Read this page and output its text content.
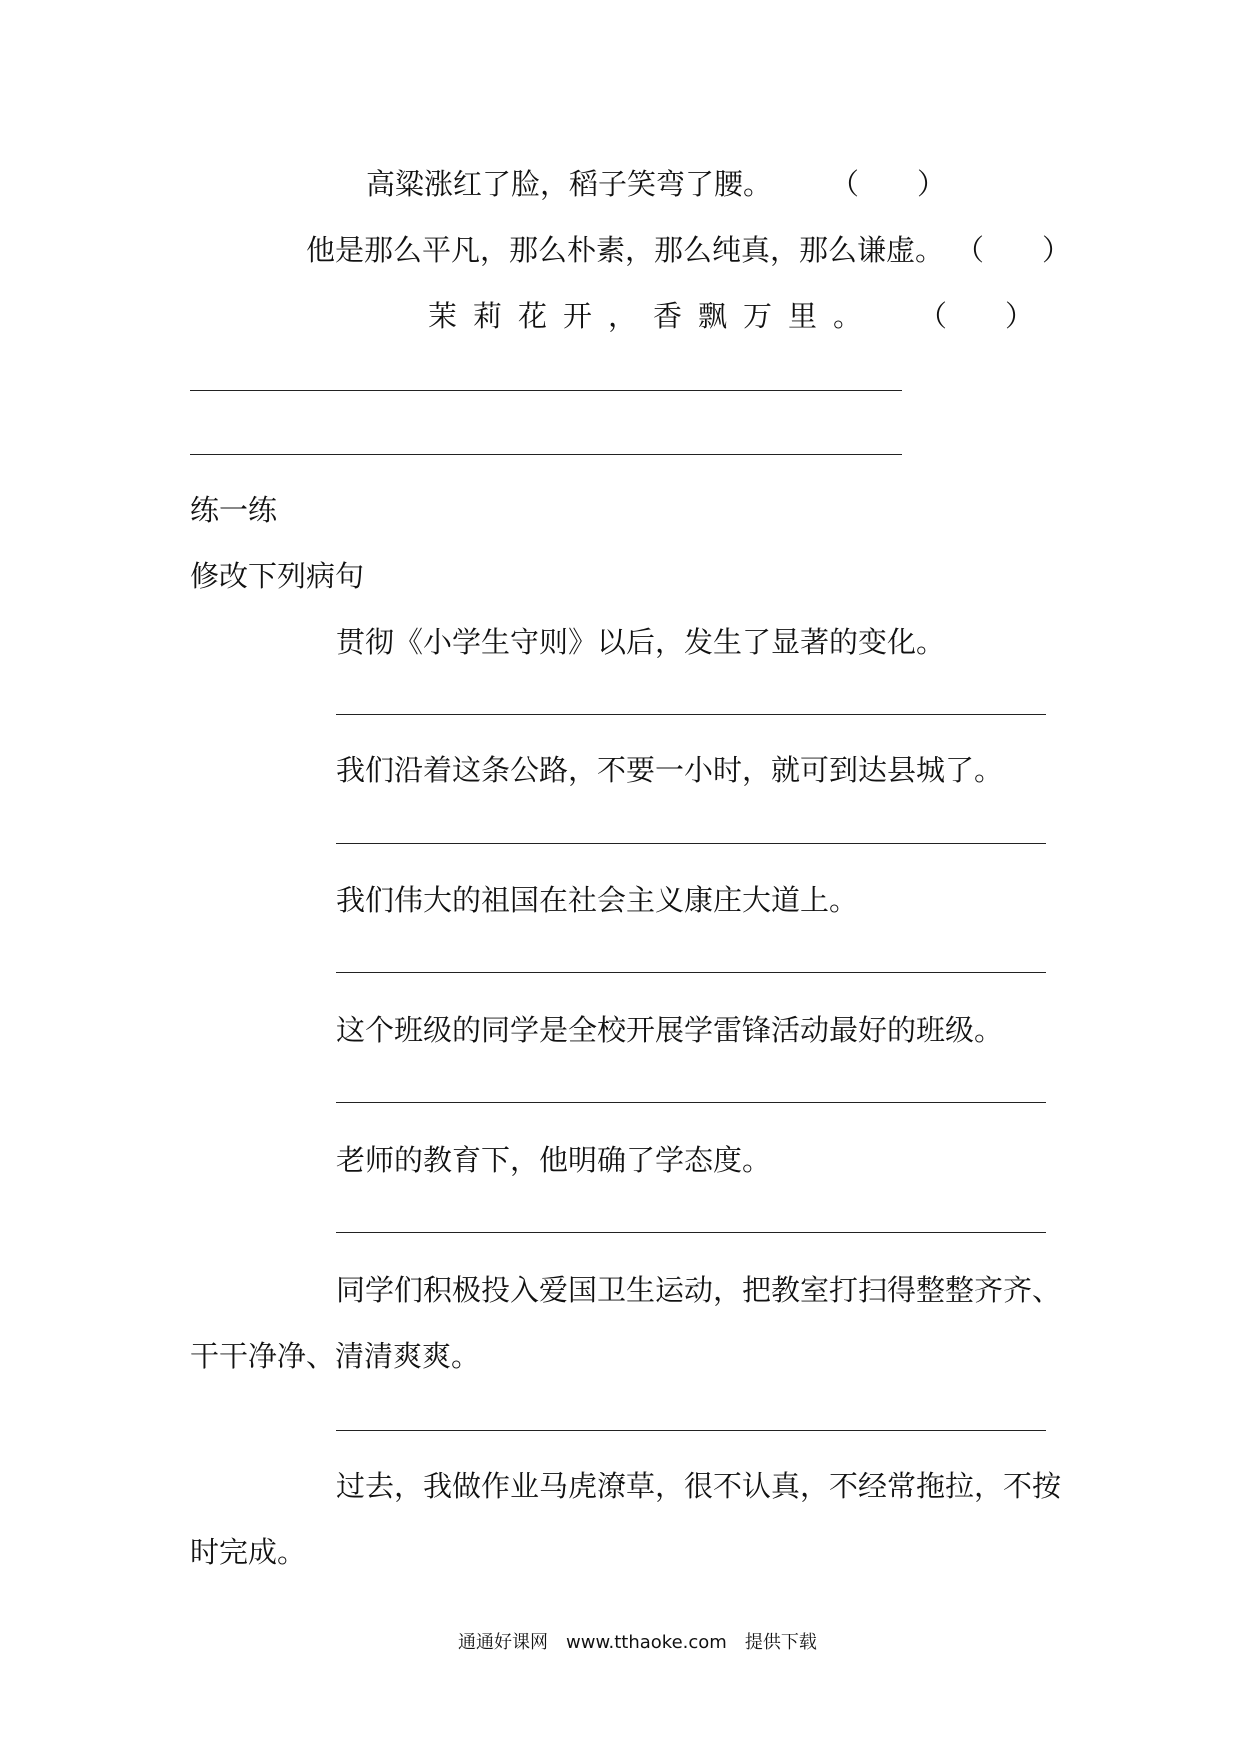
高粱涨红了脸，稻子笑弯了腰。 （　　）
他是那么平凡，那么朴素，那么纯真，那么谦虚。 （　　）
茉莉花开，香飘万里。 （　　）
练一练
修改下列病句
贯彻《小学生守则》以后，发生了显著的变化。
我们沿着这条公路，不要一小时，就可到达县城了。
我们伟大的祖国在社会主义康庄大道上。
这个班级的同学是全校开展学雷锋活动最好的班级。
老师的教育下，他明确了学态度。
同学们积极投入爱国卫生运动，把教室打扫得整整齐齐、
干干净净、清清爽爽。
过去，我做作业马虎潦草，很不认真，不经常拖拉，不按
时完成。
通通好课网　www.tthaoke.com　提供下载
